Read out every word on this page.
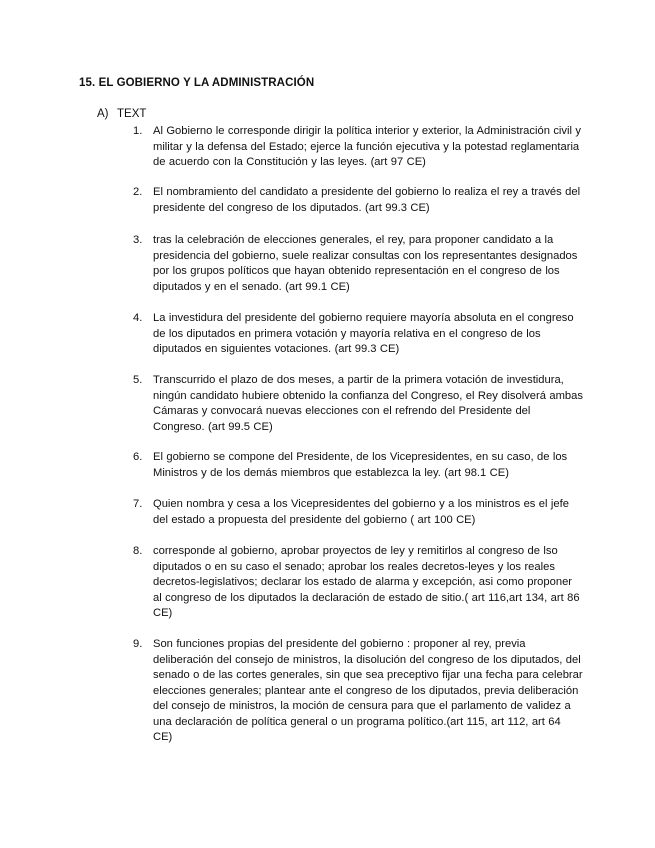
15. EL GOBIERNO Y LA ADMINISTRACIÓN
A) TEXT
1. Al Gobierno le corresponde dirigir la política interior y exterior, la Administración civil y militar y la defensa del Estado; ejerce la función ejecutiva y la potestad reglamentaria de acuerdo con la Constitución y las leyes. (art 97 CE)
2. El nombramiento del candidato a presidente del gobierno lo realiza el rey a través del presidente del congreso de los diputados. (art 99.3 CE)
3. tras la celebración de elecciones generales, el rey, para proponer candidato a la presidencia del gobierno, suele realizar consultas con los representantes designados por los grupos políticos que hayan obtenido representación en el congreso de los diputados y en el senado. (art 99.1 CE)
4. La investidura del presidente del gobierno requiere mayoría absoluta en el congreso de los diputados en primera votación y mayoría relativa en el congreso de los diputados en siguientes votaciones. (art 99.3 CE)
5. Transcurrido el plazo de dos meses, a partir de la primera votación de investidura, ningún candidato hubiere obtenido la confianza del Congreso, el Rey disolverá ambas Cámaras y convocará nuevas elecciones con el refrendo del Presidente del Congreso. (art 99.5 CE)
6. El gobierno se compone del Presidente, de los Vicepresidentes, en su caso, de los Ministros y de los demás miembros que establezca la ley. (art 98.1 CE)
7. Quien nombra y cesa a los Vicepresidentes del gobierno y a los ministros es el jefe del estado a propuesta del presidente del gobierno ( art 100 CE)
8. corresponde al gobierno, aprobar proyectos de ley y remitirlos al congreso de lso diputados o en su caso el senado; aprobar los reales decretos-leyes y los reales decretos-legislativos; declarar los estado de alarma y excepción, asi como proponer al congreso de los diputados la declaración de estado de sitio.( art 116,art 134, art 86 CE)
9. Son funciones propias del presidente del gobierno : proponer al rey, previa deliberación del consejo de ministros, la disolución del congreso de los diputados, del senado o de las cortes generales, sin que sea preceptivo fijar una fecha para celebrar elecciones generales; plantear ante el congreso de los diputados, previa deliberación del consejo de ministros, la moción de censura para que el parlamento de validez a una declaración de política general o un programa político.(art 115, art 112, art 64 CE)
